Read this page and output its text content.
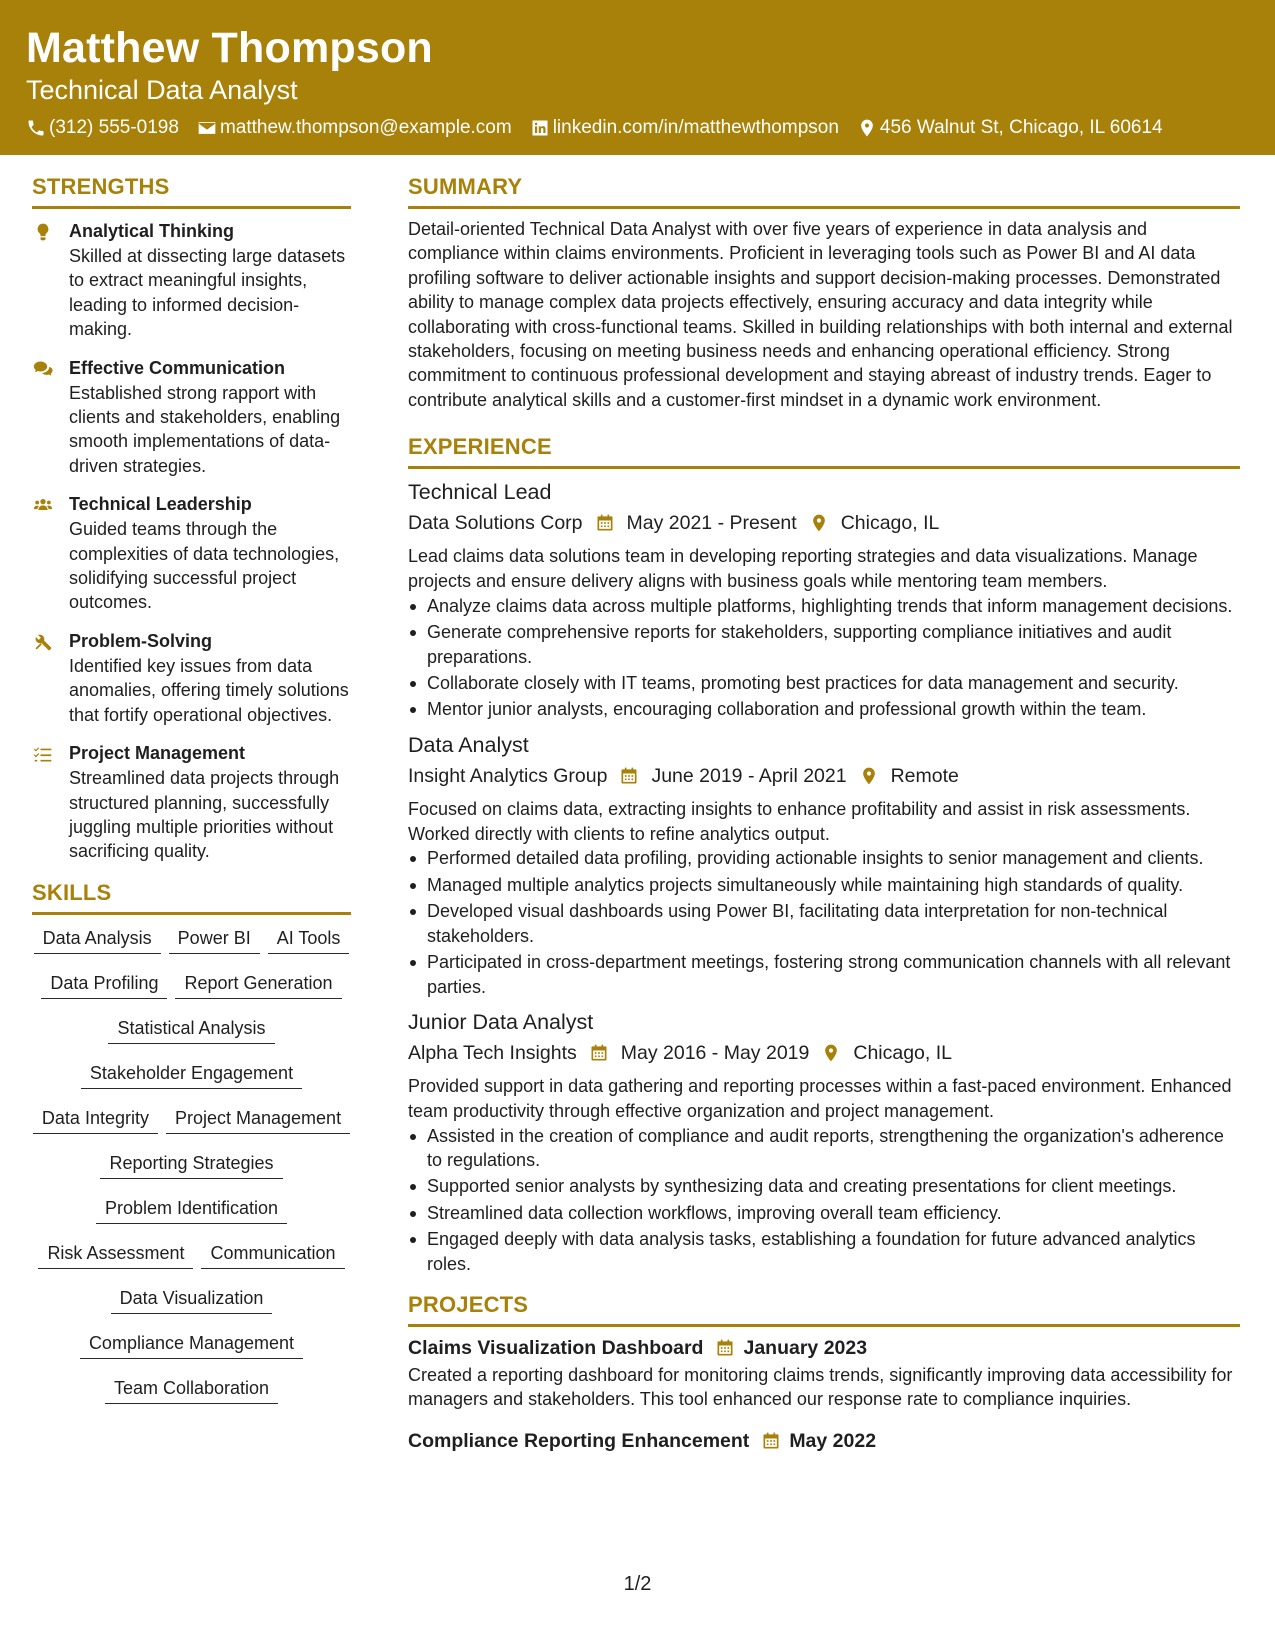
Matthew Thompson
Technical Data Analyst
(312) 555-0198 matthew.thompson@example.com linkedin.com/in/matthewthompson 456 Walnut St, Chicago, IL 60614
STRENGTHS
Analytical Thinking
Skilled at dissecting large datasets to extract meaningful insights, leading to informed decision-making.
Effective Communication
Established strong rapport with clients and stakeholders, enabling smooth implementations of data-driven strategies.
Technical Leadership
Guided teams through the complexities of data technologies, solidifying successful project outcomes.
Problem-Solving
Identified key issues from data anomalies, offering timely solutions that fortify operational objectives.
Project Management
Streamlined data projects through structured planning, successfully juggling multiple priorities without sacrificing quality.
SKILLS
Data Analysis	Power BI	AI Tools
Data Profiling	Report Generation
Statistical Analysis
Stakeholder Engagement
Data Integrity	Project Management
Reporting Strategies
Problem Identification
Risk Assessment	Communication
Data Visualization
Compliance Management
Team Collaboration
SUMMARY
Detail-oriented Technical Data Analyst with over five years of experience in data analysis and compliance within claims environments. Proficient in leveraging tools such as Power BI and AI data profiling software to deliver actionable insights and support decision-making processes. Demonstrated ability to manage complex data projects effectively, ensuring accuracy and data integrity while collaborating with cross-functional teams. Skilled in building relationships with both internal and external stakeholders, focusing on meeting business needs and enhancing operational efficiency. Strong commitment to continuous professional development and staying abreast of industry trends. Eager to contribute analytical skills and a customer-first mindset in a dynamic work environment.
EXPERIENCE
Technical Lead
Data Solutions Corp May 2021 - Present Chicago, IL
Lead claims data solutions team in developing reporting strategies and data visualizations. Manage projects and ensure delivery aligns with business goals while mentoring team members.
Analyze claims data across multiple platforms, highlighting trends that inform management decisions.
Generate comprehensive reports for stakeholders, supporting compliance initiatives and audit preparations.
Collaborate closely with IT teams, promoting best practices for data management and security.
Mentor junior analysts, encouraging collaboration and professional growth within the team.
Data Analyst
Insight Analytics Group June 2019 - April 2021 Remote
Focused on claims data, extracting insights to enhance profitability and assist in risk assessments. Worked directly with clients to refine analytics output.
Performed detailed data profiling, providing actionable insights to senior management and clients.
Managed multiple analytics projects simultaneously while maintaining high standards of quality.
Developed visual dashboards using Power BI, facilitating data interpretation for non-technical stakeholders.
Participated in cross-department meetings, fostering strong communication channels with all relevant parties.
Junior Data Analyst
Alpha Tech Insights May 2016 - May 2019 Chicago, IL
Provided support in data gathering and reporting processes within a fast-paced environment. Enhanced team productivity through effective organization and project management.
Assisted in the creation of compliance and audit reports, strengthening the organization's adherence to regulations.
Supported senior analysts by synthesizing data and creating presentations for client meetings.
Streamlined data collection workflows, improving overall team efficiency.
Engaged deeply with data analysis tasks, establishing a foundation for future advanced analytics roles.
PROJECTS
Claims Visualization Dashboard January 2023
Created a reporting dashboard for monitoring claims trends, significantly improving data accessibility for managers and stakeholders. This tool enhanced our response rate to compliance inquiries.
Compliance Reporting Enhancement May 2022
1/2
